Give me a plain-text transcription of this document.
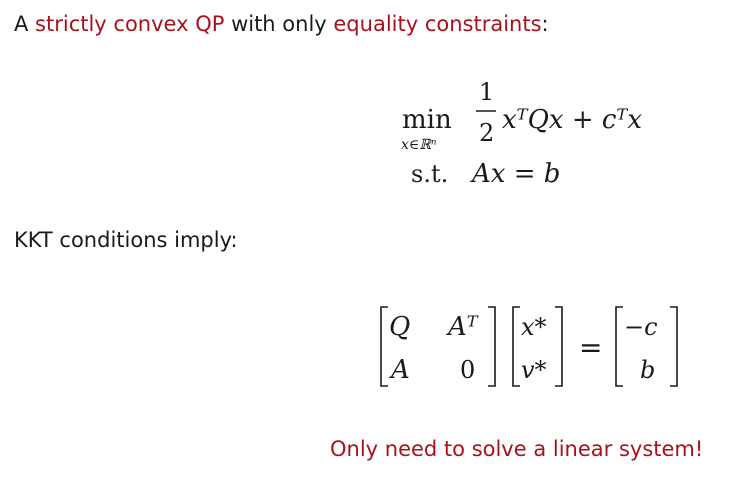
A strictly convex QP with only equality constraints:
min
x∈ℝⁿ
1
2 xᵀQx + cᵀx
s.t. Ax = b
KKT conditions imply:
Q Aᵀ
A 0
x*
v*
=
−c
b
Only need to solve a linear system!
